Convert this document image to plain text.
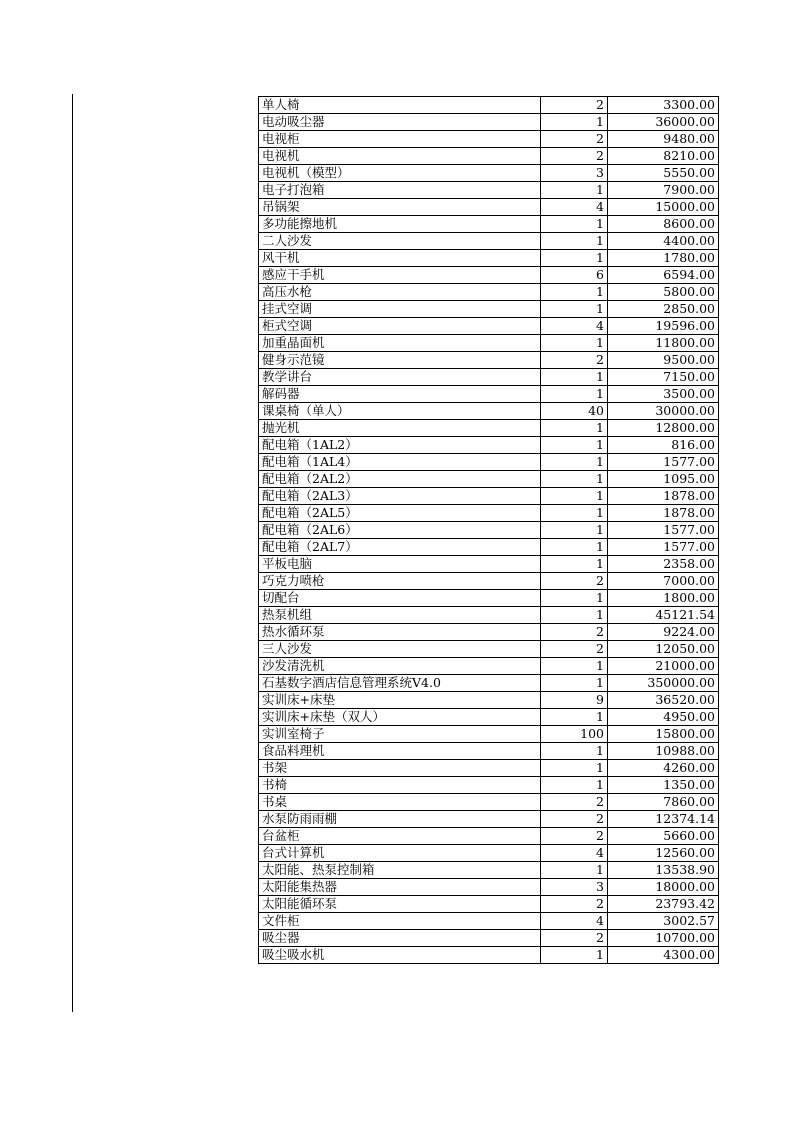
单人椅	2	3300.00
电动吸尘器	1	36000.00
电视柜	2	9480.00
电视机	2	8210.00
电视机（模型）	3	5550.00
电子打泡箱	1	7900.00
吊锅架	4	15000.00
多功能擦地机	1	8600.00
二人沙发	1	4400.00
风干机	1	1780.00
感应干手机	6	6594.00
高压水枪	1	5800.00
挂式空调	1	2850.00
柜式空调	4	19596.00
加重晶面机	1	11800.00
健身示范镜	2	9500.00
教学讲台	1	7150.00
解码器	1	3500.00
课桌椅（单人）	40	30000.00
抛光机	1	12800.00
配电箱（1AL2）	1	816.00
配电箱（1AL4）	1	1577.00
配电箱（2AL2）	1	1095.00
配电箱（2AL3）	1	1878.00
配电箱（2AL5）	1	1878.00
配电箱（2AL6）	1	1577.00
配电箱（2AL7）	1	1577.00
平板电脑	1	2358.00
巧克力喷枪	2	7000.00
切配台	1	1800.00
热泵机组	1	45121.54
热水循环泵	2	9224.00
三人沙发	2	12050.00
沙发清洗机	1	21000.00
石基数字酒店信息管理系统V4.0	1	350000.00
实训床+床垫	9	36520.00
实训床+床垫（双人）	1	4950.00
实训室椅子	100	15800.00
食品料理机	1	10988.00
书架	1	4260.00
书椅	1	1350.00
书桌	2	7860.00
水泵防雨雨棚	2	12374.14
台盆柜	2	5660.00
台式计算机	4	12560.00
太阳能、热泵控制箱	1	13538.90
太阳能集热器	3	18000.00
太阳能循环泵	2	23793.42
文件柜	4	3002.57
吸尘器	2	10700.00
吸尘吸水机	1	4300.00
